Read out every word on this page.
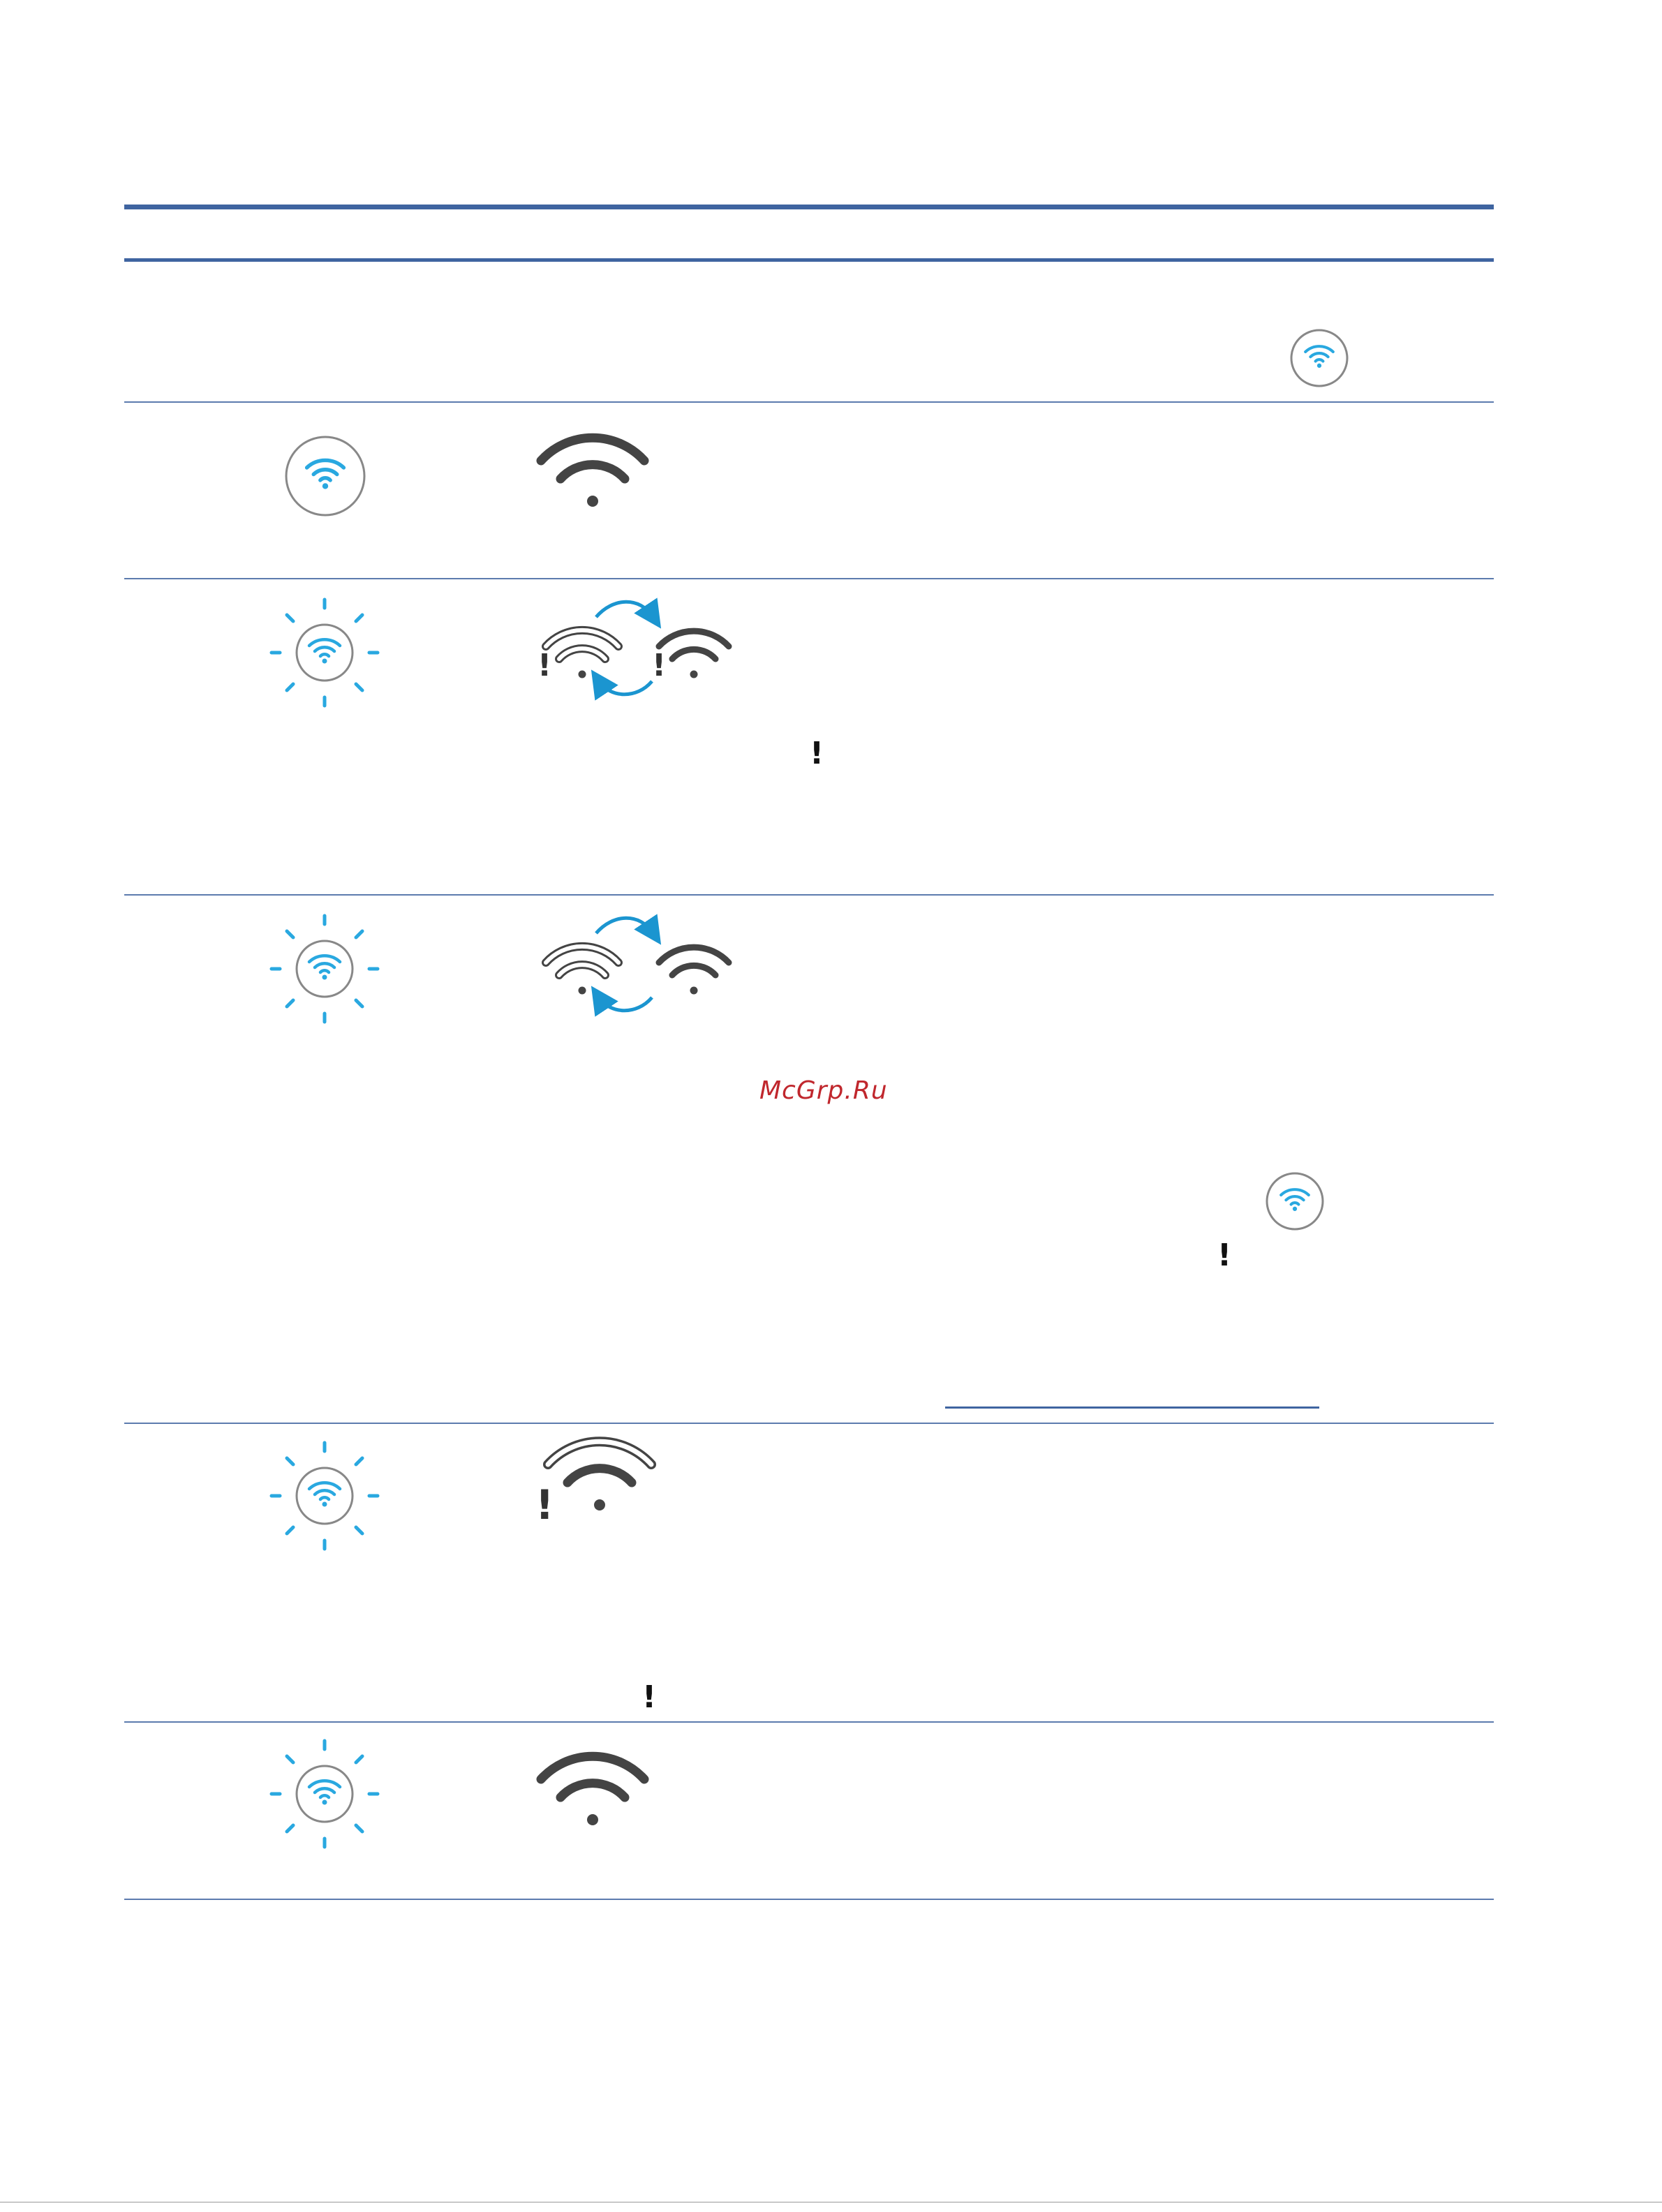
!	!
!
McGrp.Ru
!
!
!
